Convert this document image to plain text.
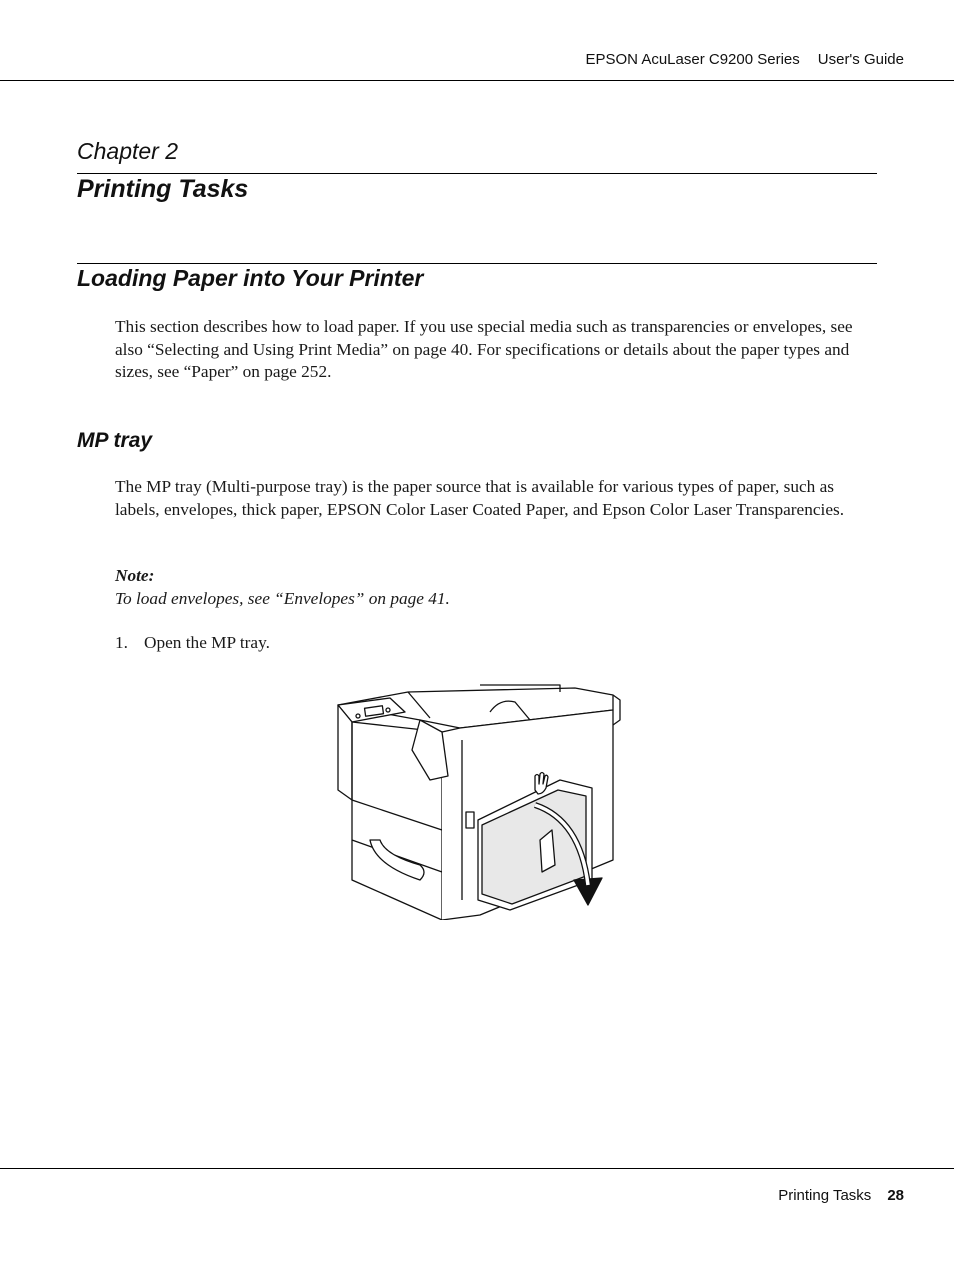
EPSON AcuLaser C9200 Series User's Guide
Chapter 2
Printing Tasks
Loading Paper into Your Printer

This section describes how to load paper. If you use special media such as transparencies or envelopes, see also “Selecting and Using Print Media” on page 40. For specifications or details about the paper types and sizes, see “Paper” on page 252.

MP tray

The MP tray (Multi-purpose tray) is the paper source that is available for various types of paper, such as labels, envelopes, thick paper, EPSON Color Laser Coated Paper, and Epson Color Laser Transparencies.

Note:
To load envelopes, see “Envelopes” on page 41.
1. Open the MP tray.
Printing Tasks 28
